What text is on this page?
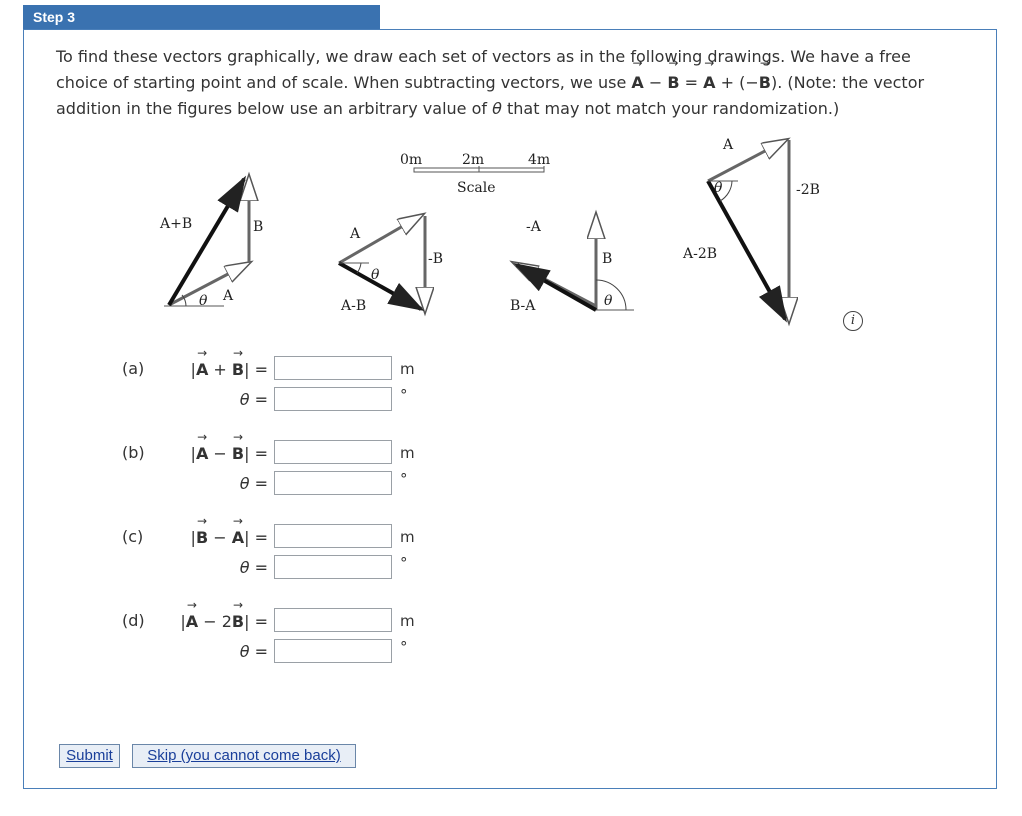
Step 3
To find these vectors graphically, we draw each set of vectors as in the following drawings. We have a free choice of starting point and of scale. When subtracting vectors, we use → A − → B = → A + (−→ B). (Note: the vector addition in the figures below use an arbitrary value of θ that may not match your randomization.)
A+B	B
A
θ
0m	2m	4m
Scale
A
-B
A-B
θ
-A
B
B-A	θ
A
-2B
A-2B
θ
i
(a)	|→ A + → B| =	m
θ =	°
(b)	|→ A − → B| =	m
θ =	°
(c)	|→ B − → A| =	m
θ =	°
(d) |→ A − 2→ B| =	m
θ =	°
Submit	Skip (you cannot come back)
